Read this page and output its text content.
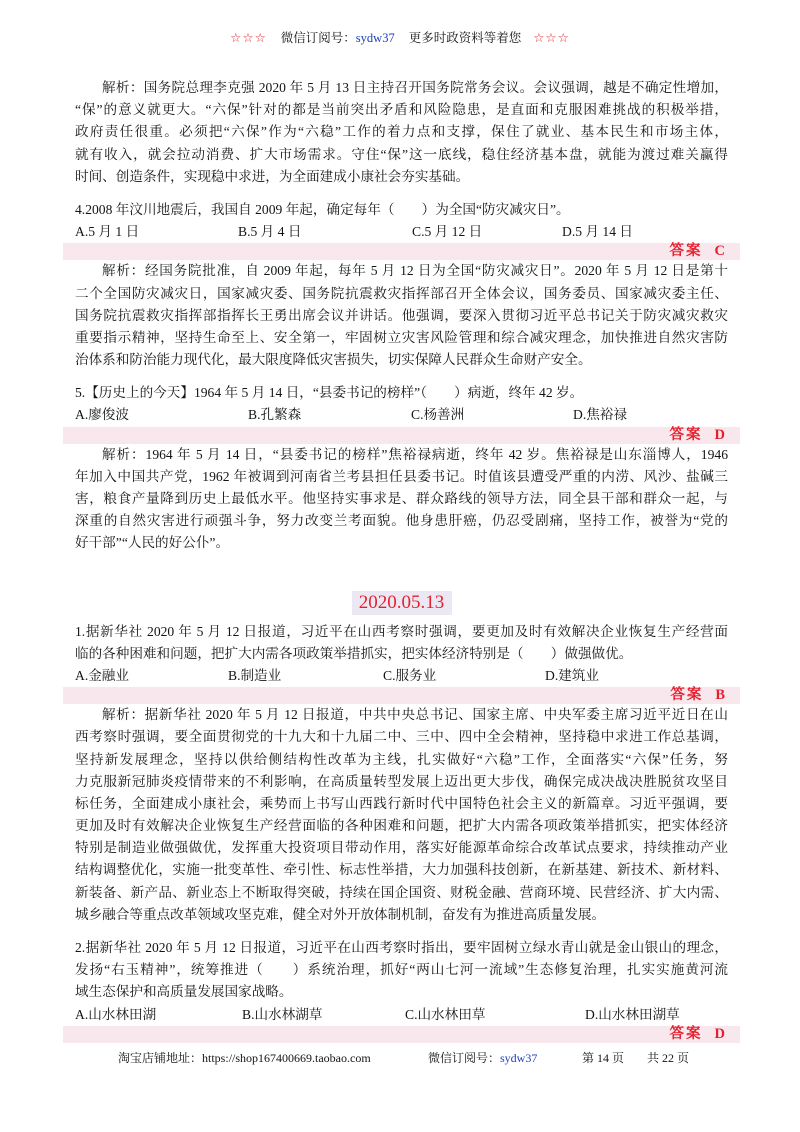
☆☆☆ 微信订阅号：sydw37 更多时政资料等着您 ☆☆☆
解析：国务院总理李克强 2020 年 5 月 13 日主持召开国务院常务会议。会议强调，越是不确定性增加，
“保”的意义就更大。“六保”针对的都是当前突出矛盾和风险隐患，是直面和克服困难挑战的积极举措，
政府责任很重。必须把“六保”作为“六稳”工作的着力点和支撑，保住了就业、基本民生和市场主体，
就有收入，就会拉动消费、扩大市场需求。守住“保”这一底线，稳住经济基本盘，就能为渡过难关赢得
时间、创造条件，实现稳中求进，为全面建成小康社会夯实基础。
4.2008 年汶川地震后，我国自 2009 年起，确定每年（　　）为全国“防灾减灾日”。
A.5 月 1 日	B.5 月 4 日	C.5 月 12 日	D.5 月 14 日
答案 C
解析：经国务院批准，自 2009 年起，每年 5 月 12 日为全国“防灾减灾日”。2020 年 5 月 12 日是第十
二个全国防灾减灾日，国家减灾委、国务院抗震救灾指挥部召开全体会议，国务委员、国家减灾委主任、
国务院抗震救灾指挥部指挥长王勇出席会议并讲话。他强调，要深入贯彻习近平总书记关于防灾减灾救灾
重要指示精神，坚持生命至上、安全第一，牢固树立灾害风险管理和综合减灾理念，加快推进自然灾害防
治体系和防治能力现代化，最大限度降低灾害损失，切实保障人民群众生命财产安全。
5.【历史上的今天】1964 年 5 月 14 日，“县委书记的榜样”（　　）病逝，终年 42 岁。
A.廖俊波	B.孔繁森	C.杨善洲	D.焦裕禄
答案 D
解析：1964 年 5 月 14 日，“县委书记的榜样”焦裕禄病逝，终年 42 岁。焦裕禄是山东淄博人，1946
年加入中国共产党，1962 年被调到河南省兰考县担任县委书记。时值该县遭受严重的内涝、风沙、盐碱三
害，粮食产量降到历史上最低水平。他坚持实事求是、群众路线的领导方法，同全县干部和群众一起，与
深重的自然灾害进行顽强斗争，努力改变兰考面貌。他身患肝癌，仍忍受剧痛，坚持工作，被誉为“党的
好干部”“人民的好公仆”。
2020.05.13
1.据新华社 2020 年 5 月 12 日报道，习近平在山西考察时强调，要更加及时有效解决企业恢复生产经营面
临的各种困难和问题，把扩大内需各项政策举措抓实，把实体经济特别是（　　）做强做优。
A.金融业	B.制造业	C.服务业	D.建筑业
答案 B
解析：据新华社 2020 年 5 月 12 日报道，中共中央总书记、国家主席、中央军委主席习近平近日在山
西考察时强调，要全面贯彻党的十九大和十九届二中、三中、四中全会精神，坚持稳中求进工作总基调，
坚持新发展理念，坚持以供给侧结构性改革为主线，扎实做好“六稳”工作，全面落实“六保”任务，努
力克服新冠肺炎疫情带来的不利影响，在高质量转型发展上迈出更大步伐，确保完成决战决胜脱贫攻坚目
标任务，全面建成小康社会，乘势而上书写山西践行新时代中国特色社会主义的新篇章。习近平强调，要
更加及时有效解决企业恢复生产经营面临的各种困难和问题，把扩大内需各项政策举措抓实，把实体经济
特别是制造业做强做优，发挥重大投资项目带动作用，落实好能源革命综合改革试点要求，持续推动产业
结构调整优化，实施一批变革性、牵引性、标志性举措，大力加强科技创新，在新基建、新技术、新材料、
新装备、新产品、新业态上不断取得突破，持续在国企国资、财税金融、营商环境、民营经济、扩大内需、
城乡融合等重点改革领域攻坚克难，健全对外开放体制机制，奋发有为推进高质量发展。
2.据新华社 2020 年 5 月 12 日报道，习近平在山西考察时指出，要牢固树立绿水青山就是金山银山的理念，
发扬“右玉精神”，统筹推进（　　）系统治理，抓好“两山七河一流域”生态修复治理，扎实实施黄河流
域生态保护和高质量发展国家战略。
A.山水林田湖	B.山水林湖草	C.山水林田草	D.山水林田湖草
答案 D
淘宝店铺地址：https://shop167400669.taobao.com	微信订阅号：sydw37	第 14 页 共 22 页
